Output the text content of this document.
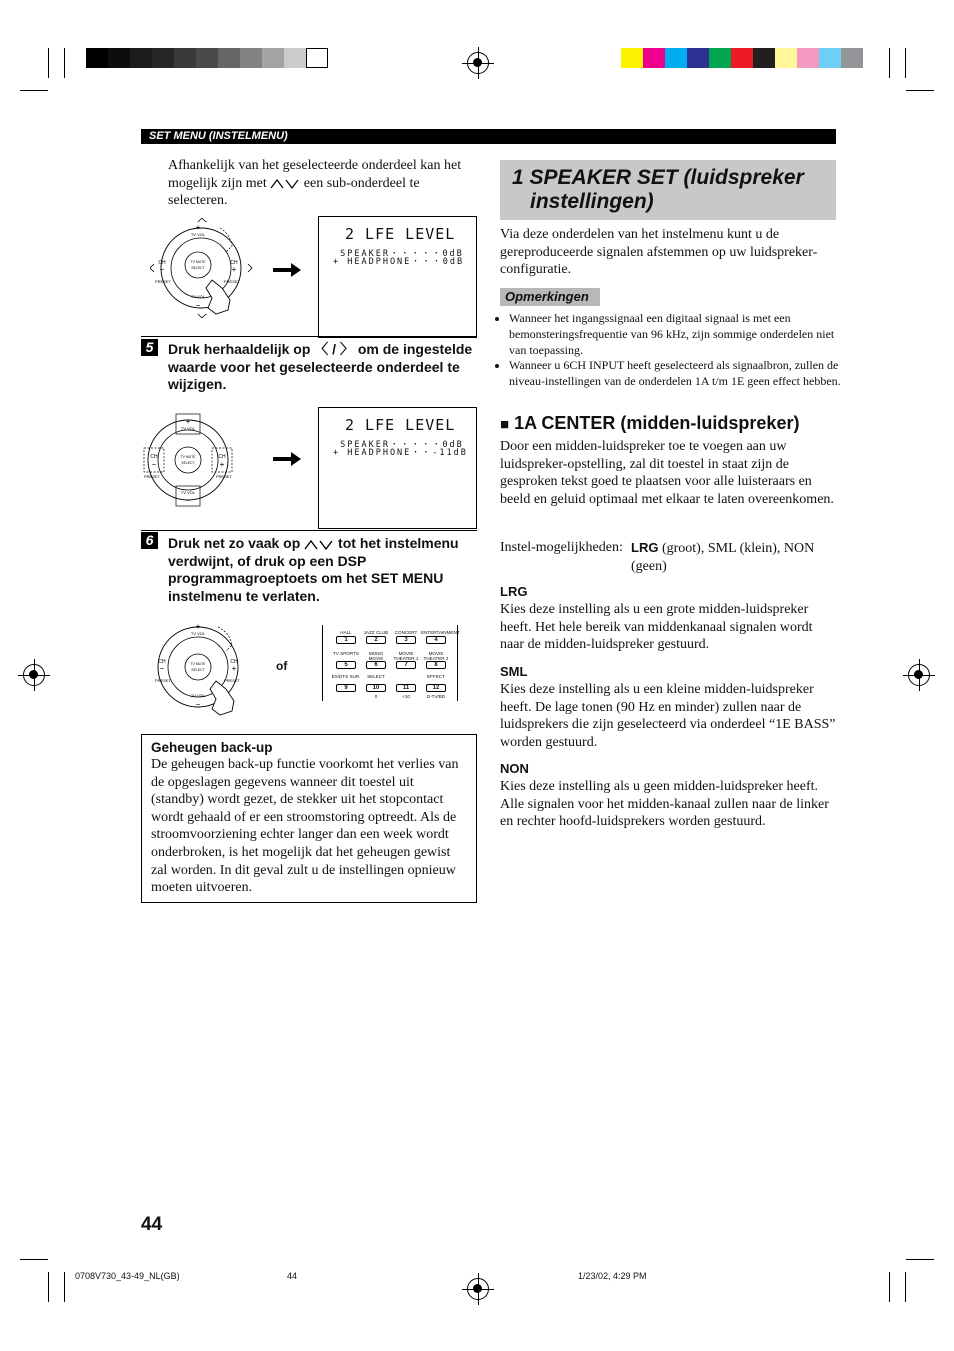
SET MENU (INSTELMENU)
Afhankelijk van het geselecteerde onderdeel kan het mogelijk zijn met	een sub-onderdeel te selecteren.
TV MUTE
SELECT
TV VOL
TV VOL
CH	CH
PRESET	PRESET
+
−
−	+
2 LFE LEVEL
SPEAKER・・・・・0dB
+ HEADPHONE・・・0dB
5	Druk herhaaldelijk op 〈 / 〉 om de ingestelde waarde voor het geselecteerde onderdeel te wijzigen.
TV MUTE
SELECT
TV VOL
TV VOL
CH	CH
PRESET	PRESET
+
−
−	+
2 LFE LEVEL
SPEAKER・・・・・0dB
+ HEADPHONE・・-11dB
6	Druk net zo vaak op	tot het instelmenu verdwijnt, of druk op een DSP programmagroeptoets om het SET MENU instelmenu te verlaten.
TV MUTE
SELECT
TV VOL
TV VOL
CH	CH
PRESET	PRESET
+
−
−	+	of
HALL
1
TV SPORTS
5
EX/DTS SUR.
9
JAZZ CLUB
2
MONO MOVIE
6
SELECT
10
0
CONCERT
3
MOVIE THEATER 1
7
11
+10
ENTERTAINMENT
4
MOVIE THEATER 2
8
EFFECT
12
D-TV/BD
Geheugen back-up
De geheugen back-up functie voorkomt het verlies van de opgeslagen gegevens wanneer dit toestel uit (standby) wordt gezet, de stekker uit het stopcontact wordt gehaald of er een stroomstoring optreedt. Als de stroomvoorziening echter langer dan een week wordt onderbroken, is het mogelijk dat het geheugen gewist zal worden. In dit geval zult u de instellingen opnieuw moeten uitvoeren.
1 SPEAKER SET (luidspreker
instellingen)
Via deze onderdelen van het instelmenu kunt u de gereproduceerde signalen afstemmen op uw luidspreker-configuratie.
Opmerkingen
• Wanneer het ingangssignaal een digitaal signaal is met een bemonsteringsfrequentie van 96 kHz, zijn sommige onderdelen niet van toepassing.
• Wanneer u 6CH INPUT heeft geselecteerd als signaalbron, zullen de niveau-instellingen van de onderdelen 1A t/m 1E geen effect hebben.
■ 1A CENTER (midden-luidspreker)
Door een midden-luidspreker toe te voegen aan uw luidspreker-opstelling, zal dit toestel in staat zijn de gesproken tekst goed te plaatsen voor alle luisteraars en beeld en geluid optimaal met elkaar te laten overeenkomen.
Instel-mogelijkheden: LRG (groot), SML (klein), NON (geen)
LRG
Kies deze instelling als u een grote midden-luidspreker heeft. Het hele bereik van middenkanaal signalen wordt naar de midden-luidspreker gestuurd.
SML
Kies deze instelling als u een kleine midden-luidspreker heeft. De lage tonen (90 Hz en minder) zullen naar de luidsprekers die zijn geselecteerd via onderdeel “1E BASS” worden gestuurd.
NON
Kies deze instelling als u geen midden-luidspreker heeft. Alle signalen voor het midden-kanaal zullen naar de linker en rechter hoofd-luidsprekers worden gestuurd.
44
0708V730_43-49_NL(GB)	44	1/23/02, 4:29 PM
